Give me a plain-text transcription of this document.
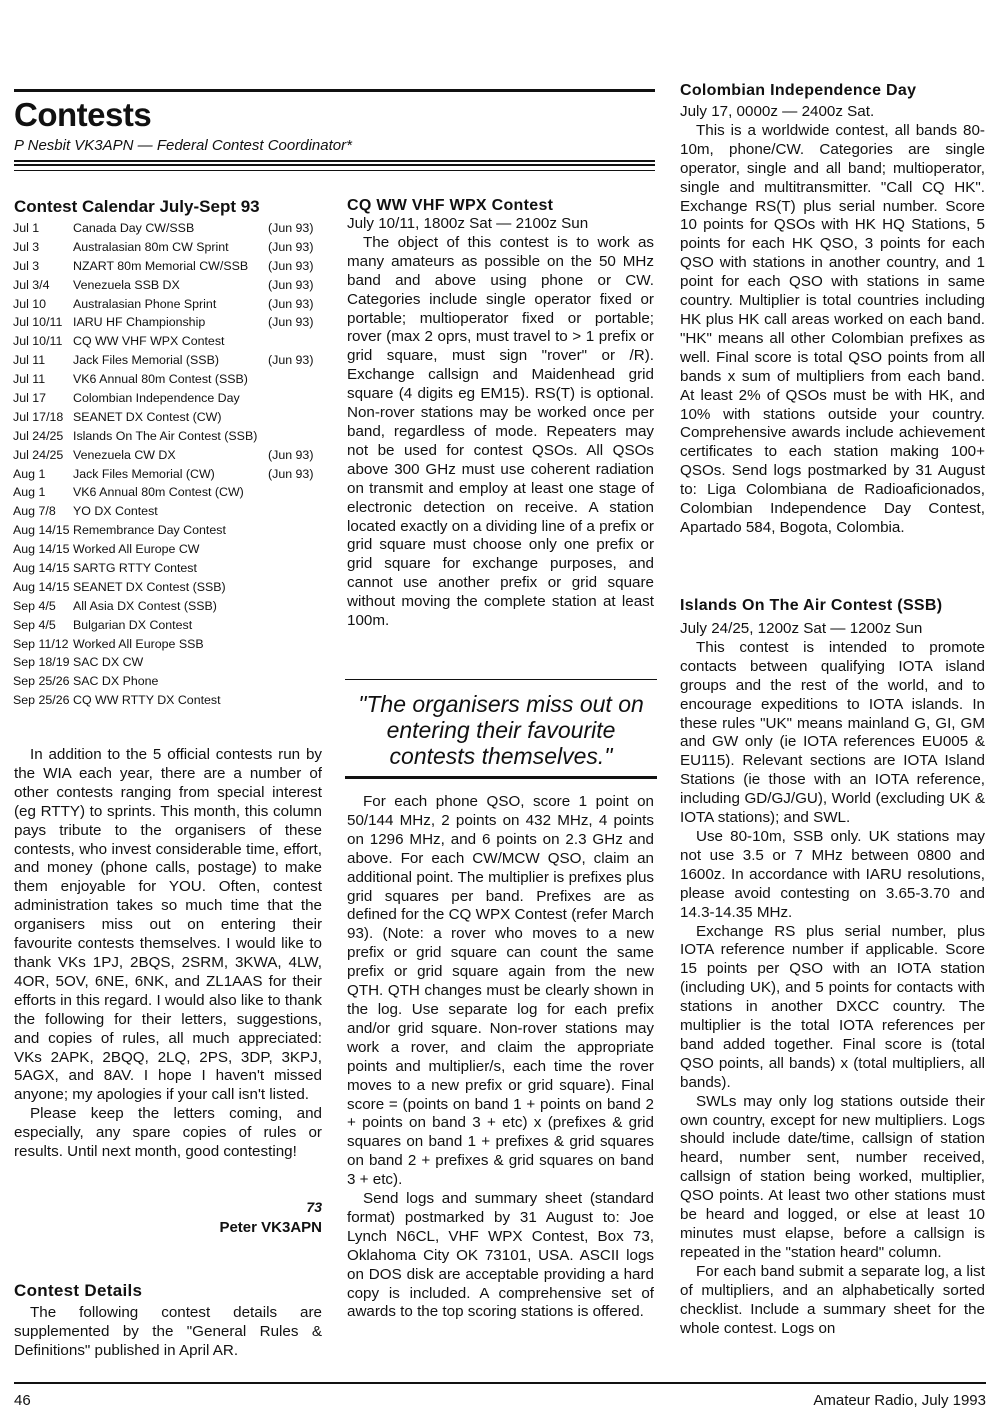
Contests
P Nesbit VK3APN — Federal Contest Coordinator*
Contest Calendar July-Sept 93
Jul 1	Canada Day CW/SSB	(Jun 93)
Jul 3	Australasian 80m CW Sprint	(Jun 93)
Jul 3	NZART 80m Memorial CW/SSB	(Jun 93)
Jul 3/4	Venezuela SSB DX	(Jun 93)
Jul 10	Australasian Phone Sprint	(Jun 93)
Jul 10/11	IARU HF Championship	(Jun 93)
Jul 10/11	CQ WW VHF WPX Contest	
Jul 11	Jack Files Memorial (SSB)	(Jun 93)
Jul 11	VK6 Annual 80m Contest (SSB)	
Jul 17	Colombian Independence Day	
Jul 17/18	SEANET DX Contest (CW)	
Jul 24/25	Islands On The Air Contest (SSB)	
Jul 24/25	Venezuela CW DX	(Jun 93)
Aug 1	Jack Files Memorial (CW)	(Jun 93)
Aug 1	VK6 Annual 80m Contest (CW)	
Aug 7/8	YO DX Contest	
Aug 14/15	Remembrance Day Contest	
Aug 14/15	Worked All Europe CW	
Aug 14/15	SARTG RTTY Contest	
Aug 14/15	SEANET DX Contest (SSB)	
Sep 4/5	All Asia DX Contest (SSB)	
Sep 4/5	Bulgarian DX Contest	
Sep 11/12	Worked All Europe SSB	
Sep 18/19	SAC DX CW	
Sep 25/26	SAC DX Phone	
Sep 25/26	CQ WW RTTY DX Contest	

In addition to the 5 official contests run by the WIA each year, there are a number of other contests ranging from special interest (eg RTTY) to sprints. This month, this column pays tribute to the organisers of these contests, who invest considerable time, effort, and money (phone calls, postage) to make them enjoyable for YOU. Often, contest administration takes so much time that the organisers miss out on entering their favourite contests themselves. I would like to thank VKs 1PJ, 2BQS, 2SRM, 3KWA, 4LW, 4OR, 5OV, 6NE, 6NK, and ZL1AAS for their efforts in this regard. I would also like to thank the following for their letters, suggestions, and copies of rules, all much appreciated: VKs 2APK, 2BQQ, 2LQ, 2PS, 3DP, 3KPJ, 5AGX, and 8AV. I hope I haven't missed anyone; my apologies if your call isn't listed.

Please keep the letters coming, and especially, any spare copies of rules or results. Until next month, good contesting!

73
Peter VK3APN
Contest Details

The following contest details are supplemented by the "General Rules & Definitions" published in April AR.

CQ WW VHF WPX Contest
July 10/11, 1800z Sat — 2100z Sun

The object of this contest is to work as many amateurs as possible on the 50 MHz band and above using phone or CW. Categories include single operator fixed or portable; multioperator fixed or portable; rover (max 2 oprs, must travel to > 1 prefix or grid square, must sign "rover" or /R). Exchange callsign and Maidenhead grid square (4 digits eg EM15). RS(T) is optional. Non-rover stations may be worked once per band, regardless of mode. Repeaters may not be used for contest QSOs. All QSOs above 300 GHz must use coherent radiation on transmit and employ at least one stage of electronic detection on receive. A station located exactly on a dividing line of a prefix or grid square must choose only one prefix or grid square for exchange purposes, and cannot use another prefix or grid square without moving the complete station at least 100m.

"The organisers miss out on entering their favourite contests themselves."

For each phone QSO, score 1 point on 50/144 MHz, 2 points on 432 MHz, 4 points on 1296 MHz, and 6 points on 2.3 GHz and above. For each CW/MCW QSO, claim an additional point. The multiplier is prefixes plus grid squares per band. Prefixes are as defined for the CQ WPX Contest (refer March 93). (Note: a rover who moves to a new prefix or grid square can count the same prefix or grid square again from the new QTH. QTH changes must be clearly shown in the log. Use separate log for each prefix and/or grid square. Non-rover stations may work a rover, and claim the appropriate points and multiplier/s, each time the rover moves to a new prefix or grid square). Final score = (points on band 1 + points on band 2 + points on band 3 + etc) x (prefixes & grid squares on band 1 + prefixes & grid squares on band 2 + prefixes & grid squares on band 3 + etc).

Send logs and summary sheet (standard format) postmarked by 31 August to: Joe Lynch N6CL, VHF WPX Contest, Box 73, Oklahoma City OK 73101, USA. ASCII logs on DOS disk are acceptable providing a hard copy is included. A comprehensive set of awards to the top scoring stations is offered.

Colombian Independence Day
July 17, 0000z — 2400z Sat.

This is a worldwide contest, all bands 80-10m, phone/CW. Categories are single operator, single and all band; multioperator, single and multitransmitter. "Call CQ HK". Exchange RS(T) plus serial number. Score 10 points for QSOs with HK HQ Stations, 5 points for each HK QSO, 3 points for each QSO with stations in another country, and 1 point for each QSO with stations in same country. Multiplier is total countries including HK plus HK call areas worked on each band. "HK" means all other Colombian prefixes as well. Final score is total QSO points from all bands x sum of multipliers from each band. At least 2% of QSOs must be with HK, and 10% with stations outside your country. Comprehensive awards include achievement certificates to each station making 100+ QSOs. Send logs postmarked by 31 August to: Liga Colombiana de Radioaficionados, Colombian Independence Day Contest, Apartado 584, Bogota, Colombia.

Islands On The Air Contest (SSB)
July 24/25, 1200z Sat — 1200z Sun

This contest is intended to promote contacts between qualifying IOTA island groups and the rest of the world, and to encourage expeditions to IOTA islands. In these rules "UK" means mainland G, GI, GM and GW only (ie IOTA references EU005 & EU115). Relevant sections are IOTA Island Stations (ie those with an IOTA reference, including GD/GJ/GU), World (excluding UK & IOTA stations); and SWL.

Use 80-10m, SSB only. UK stations may not use 3.5 or 7 MHz between 0800 and 1600z. In accordance with IARU resolutions, please avoid contesting on 3.65-3.70 and 14.3-14.35 MHz.

Exchange RS plus serial number, plus IOTA reference number if applicable. Score 15 points per QSO with an IOTA station (including UK), and 5 points for contacts with stations in another DXCC country. The multiplier is the total IOTA references per band added together. Final score is (total QSO points, all bands) x (total multipliers, all bands).

SWLs may only log stations outside their own country, except for new multipliers. Logs should include date/time, callsign of station heard, number sent, number received, callsign of station being worked, multiplier, QSO points. At least two other stations must be heard and logged, or else at least 10 minutes must elapse, before a callsign is repeated in the "station heard" column.

For each band submit a separate log, a list of multipliers, and an alphabetically sorted checklist. Include a summary sheet for the whole contest. Logs on

46	Amateur Radio, July 1993
